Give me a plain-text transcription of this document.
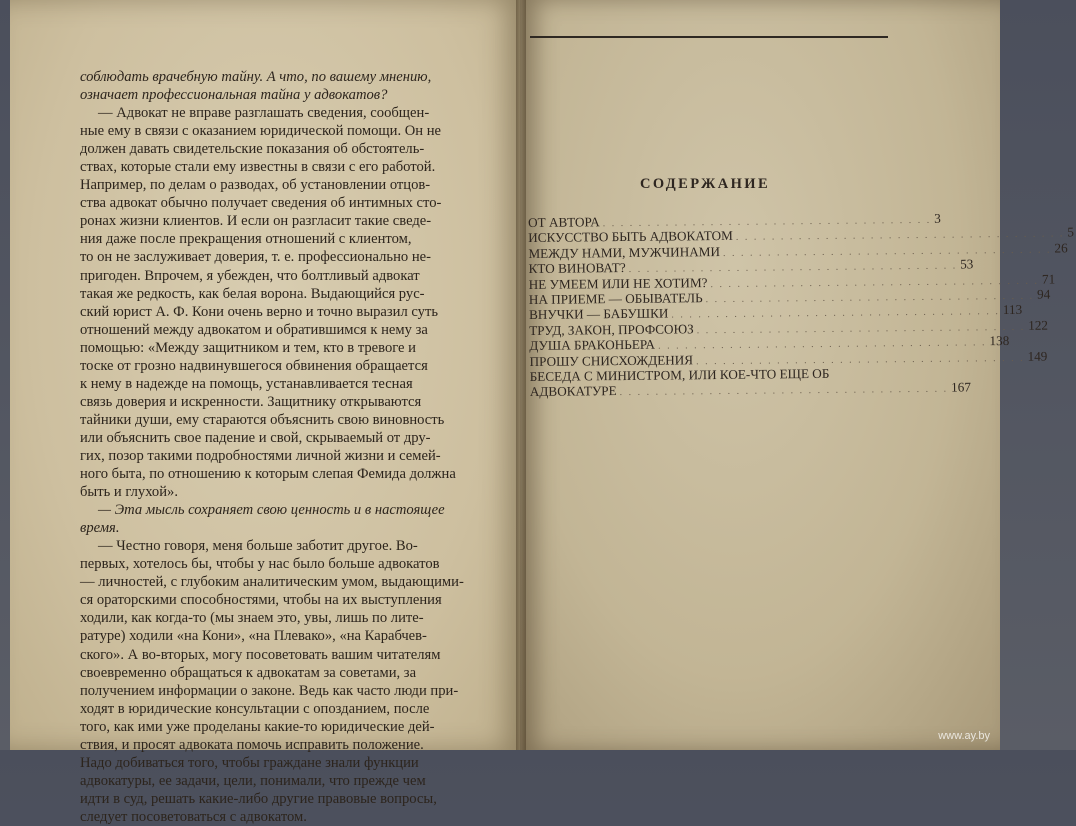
соблюдать врачебную тайну. А что, по вашему мнению,
означает профессиональная тайна у адвокатов?
— Адвокат не вправе разглашать сведения, сообщен-
ные ему в связи с оказанием юридической помощи. Он не
должен давать свидетельские показания об обстоятель-
ствах, которые стали ему известны в связи с его работой.
Например, по делам о разводах, об установлении отцов-
ства адвокат обычно получает сведения об интимных сто-
ронах жизни клиентов. И если он разгласит такие сведе-
ния даже после прекращения отношений с клиентом,
то он не заслуживает доверия, т. е. профессионально не-
пригоден. Впрочем, я убежден, что болтливый адвокат
такая же редкость, как белая ворона. Выдающийся рус-
ский юрист А. Ф. Кони очень верно и точно выразил суть
отношений между адвокатом и обратившимся к нему за
помощью: «Между защитником и тем, кто в тревоге и
тоске от грозно надвинувшегося обвинения обращается
к нему в надежде на помощь, устанавливается тесная
связь доверия и искренности. Защитнику открываются
тайники души, ему стараются объяснить свою виновность
или объяснить свое падение и свой, скрываемый от дру-
гих, позор такими подробностями личной жизни и семей-
ного быта, по отношению к которым слепая Фемида должна
быть и глухой».
— Эта мысль сохраняет свою ценность и в настоящее
время.
— Честно говоря, меня больше заботит другое. Во-
первых, хотелось бы, чтобы у нас было больше адвокатов
— личностей, с глубоким аналитическим умом, выдающими-
ся ораторскими способностями, чтобы на их выступления
ходили, как когда-то (мы знаем это, увы, лишь по лите-
ратуре) ходили «на Кони», «на Плевако», «на Карабчев-
ского». А во-вторых, могу посоветовать вашим читателям
своевременно обращаться к адвокатам за советами, за
получением информации о законе. Ведь как часто люди при-
ходят в юридические консультации с опозданием, после
того, как ими уже проделаны какие-то юридические дей-
ствия, и просят адвоката помочь исправить положение.
Надо добиваться того, чтобы граждане знали функции
адвокатуры, ее задачи, цели, понимали, что прежде чем
идти в суд, решать какие-либо другие правовые вопросы,
следует посоветоваться с адвокатом.
СОДЕРЖАНИЕ
ОТ АВТОРА . . . . . . . . . . . . . . . . . . . . . . . . . . . . . . . . . . . . . 3
ИСКУССТВО БЫТЬ АДВОКАТОМ . . . . . . . . . . . . . . . . . . . . . . . . . . . . . . . . . . . . . 5
МЕЖДУ НАМИ, МУЖЧИНАМИ . . . . . . . . . . . . . . . . . . . . . . . . . . . . . . . . . . . . . 26
КТО ВИНОВАТ? . . . . . . . . . . . . . . . . . . . . . . . . . . . . . . . . . . . . . 53
НЕ УМЕЕМ ИЛИ НЕ ХОТИМ? . . . . . . . . . . . . . . . . . . . . . . . . . . . . . . . . . . . . . 71
НА ПРИЕМЕ — ОБЫВАТЕЛЬ . . . . . . . . . . . . . . . . . . . . . . . . . . . . . . . . . . . . . 94
ВНУЧКИ — БАБУШКИ . . . . . . . . . . . . . . . . . . . . . . . . . . . . . . . . . . . . . 113
ТРУД, ЗАКОН, ПРОФСОЮЗ . . . . . . . . . . . . . . . . . . . . . . . . . . . . . . . . . . . . . 122
ДУША БРАКОНЬЕРА . . . . . . . . . . . . . . . . . . . . . . . . . . . . . . . . . . . . . 138
ПРОШУ СНИСХОЖДЕНИЯ . . . . . . . . . . . . . . . . . . . . . . . . . . . . . . . . . . . . . 149
БЕСЕДА С МИНИСТРОМ, ИЛИ КОЕ-ЧТО ЕЩЕ ОБ
АДВОКАТУРЕ . . . . . . . . . . . . . . . . . . . . . . . . . . . . . . . . . . . . . 167
www.ay.by
